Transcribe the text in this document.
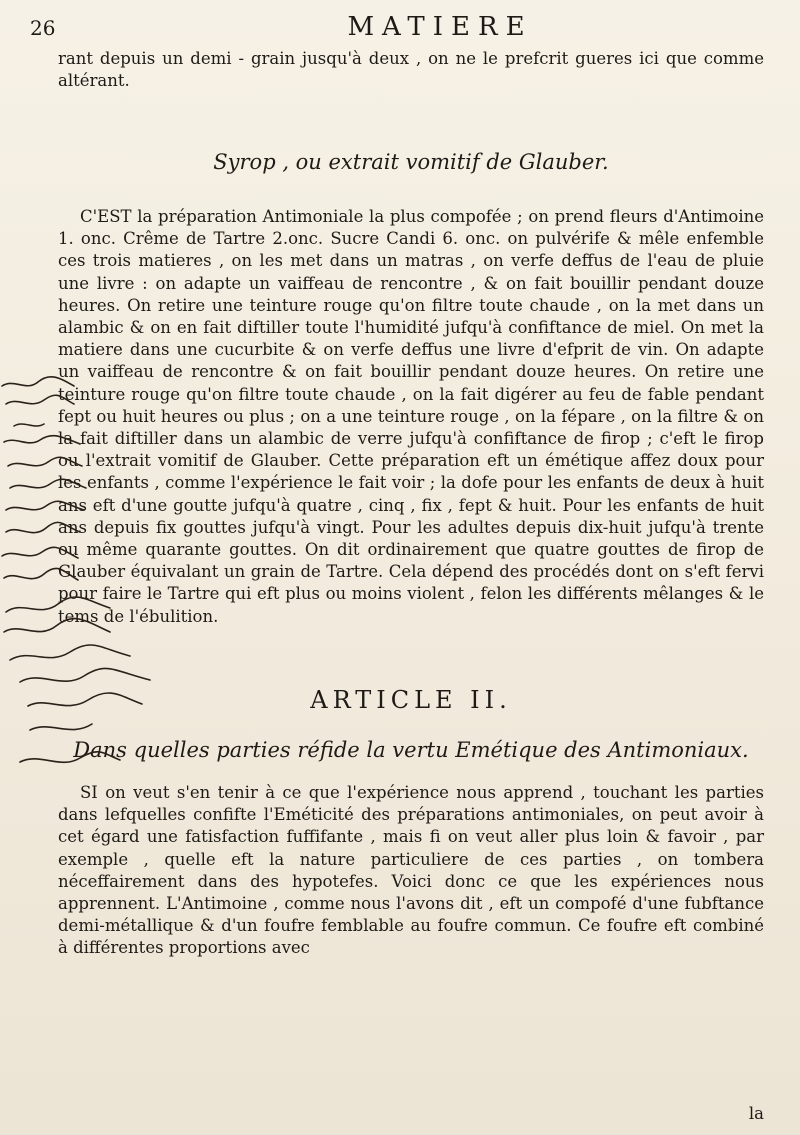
26	MATIERE

rant depuis un demi - grain jusqu'à deux , on ne le prefcrit gueres ici que comme altérant.

Syrop , ou extrait vomitif de Glauber.

C'EST la préparation Antimoniale la plus compofée ; on prend fleurs d'Antimoine 1. onc. Crême de Tartre 2.onc. Sucre Candi 6. onc. on pulvérife & mêle enfemble ces trois matieres , on les met dans un matras , on verfe deffus de l'eau de pluie une livre : on adapte un vaiffeau de rencontre , & on fait bouillir pendant douze heures. On retire une teinture rouge qu'on filtre toute chaude , on la met dans un alambic & on en fait diftiller toute l'humidité jufqu'à confiftance de miel. On met la matiere dans une cucurbite & on verfe deffus une livre d'efprit de vin. On adapte un vaiffeau de rencontre & on fait bouillir pendant douze heures. On retire une teinture rouge qu'on filtre toute chaude , on la fait digérer au feu de fable pendant fept ou huit heures ou plus ; on a une teinture rouge , on la fépare , on la filtre & on la fait diftiller dans un alambic de verre jufqu'à confiftance de firop ; c'eft le firop ou l'extrait vomitif de Glauber. Cette préparation eft un émétique affez doux pour les enfants , comme l'expérience le fait voir ; la dofe pour les enfants de deux à huit ans eft d'une goutte jufqu'à quatre , cinq , fix , fept & huit. Pour les enfants de huit ans depuis fix gouttes jufqu'à vingt. Pour les adultes depuis dix-huit jufqu'à trente ou même quarante gouttes. On dit ordinairement que quatre gouttes de firop de Glauber équivalant un grain de Tartre. Cela dépend des procédés dont on s'eft fervi pour faire le Tartre qui eft plus ou moins violent , felon les différents mêlanges & le tems de l'ébulition.

ARTICLE II.
Dans quelles parties réfide la vertu Emétique des Antimoniaux.

SI on veut s'en tenir à ce que l'expérience nous apprend , touchant les parties dans lefquelles confifte l'Eméticité des préparations antimoniales, on peut avoir à cet égard une fatisfaction fuffifante , mais fi on veut aller plus loin & favoir , par exemple , quelle eft la nature particuliere de ces parties , on tombera néceffairement dans des hypotefes. Voici donc ce que les expériences nous apprennent. L'Antimoine , comme nous l'avons dit , eft un compofé d'une fubftance demi-métallique & d'un foufre femblable au foufre commun. Ce foufre eft combiné à différentes proportions avec

la
